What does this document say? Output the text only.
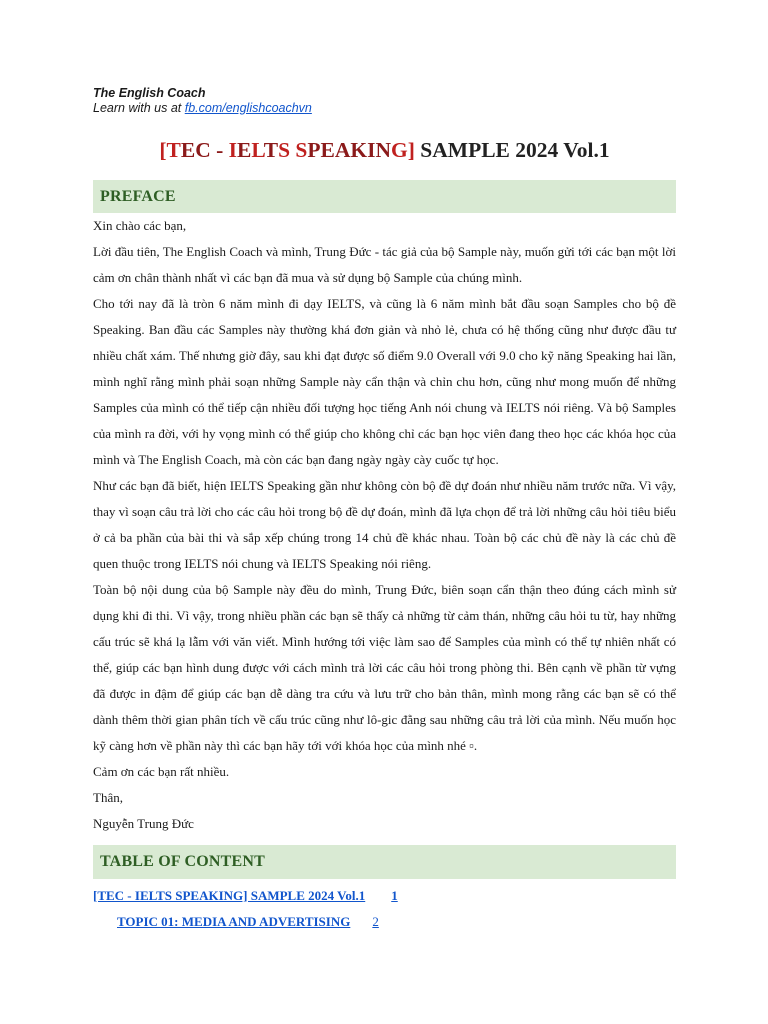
The English Coach
Learn with us at fb.com/englishcoachvn
[TEC - IELTS SPEAKING] SAMPLE 2024 Vol.1
PREFACE

Xin chào các bạn,

Lời đầu tiên, The English Coach và mình, Trung Đức - tác giả của bộ Sample này, muốn gửi tới các bạn một lời cảm ơn chân thành nhất vì các bạn đã mua và sử dụng bộ Sample của chúng mình.

Cho tới nay đã là tròn 6 năm mình đi dạy IELTS, và cũng là 6 năm mình bắt đầu soạn Samples cho bộ đề Speaking. Ban đầu các Samples này thường khá đơn giản và nhỏ lẻ, chưa có hệ thống cũng như được đầu tư nhiều chất xám. Thế nhưng giờ đây, sau khi đạt được số điểm 9.0 Overall với 9.0 cho kỹ năng Speaking hai lần, mình nghĩ rằng mình phải soạn những Sample này cẩn thận và chỉn chu hơn, cũng như mong muốn để những Samples của mình có thể tiếp cận nhiều đối tượng học tiếng Anh nói chung và IELTS nói riêng. Và bộ Samples của mình ra đời, với hy vọng mình có thể giúp cho không chỉ các bạn học viên đang theo học các khóa học của mình và The English Coach, mà còn các bạn đang ngày ngày cày cuốc tự học.

Như các bạn đã biết, hiện IELTS Speaking gần như không còn bộ đề dự đoán như nhiều năm trước nữa. Vì vậy, thay vì soạn câu trả lời cho các câu hỏi trong bộ đề dự đoán, mình đã lựa chọn để trả lời những câu hỏi tiêu biểu ở cả ba phần của bài thi và sắp xếp chúng trong 14 chủ đề khác nhau. Toàn bộ các chủ đề này là các chủ đề quen thuộc trong IELTS nói chung và IELTS Speaking nói riêng.

Toàn bộ nội dung của bộ Sample này đều do mình, Trung Đức, biên soạn cẩn thận theo đúng cách mình sử dụng khi đi thi. Vì vậy, trong nhiều phần các bạn sẽ thấy cả những từ cảm thán, những câu hỏi tu từ, hay những cấu trúc sẽ khá lạ lẫm với văn viết. Mình hướng tới việc làm sao để Samples của mình có thể tự nhiên nhất có thể, giúp các bạn hình dung được với cách mình trả lời các câu hỏi trong phòng thi. Bên cạnh về phần từ vựng đã được in đậm để giúp các bạn dễ dàng tra cứu và lưu trữ cho bản thân, mình mong rằng các bạn sẽ có thể dành thêm thời gian phân tích về cấu trúc cũng như lô-gic đằng sau những câu trả lời của mình. Nếu muốn học kỹ càng hơn về phần này thì các bạn hãy tới với khóa học của mình nhé ▫.

Cảm ơn các bạn rất nhiều.

Thân,

Nguyễn Trung Đức

TABLE OF CONTENT
[TEC - IELTS SPEAKING] SAMPLE 2024 Vol.1 1
TOPIC 01: MEDIA AND ADVERTISING 2
